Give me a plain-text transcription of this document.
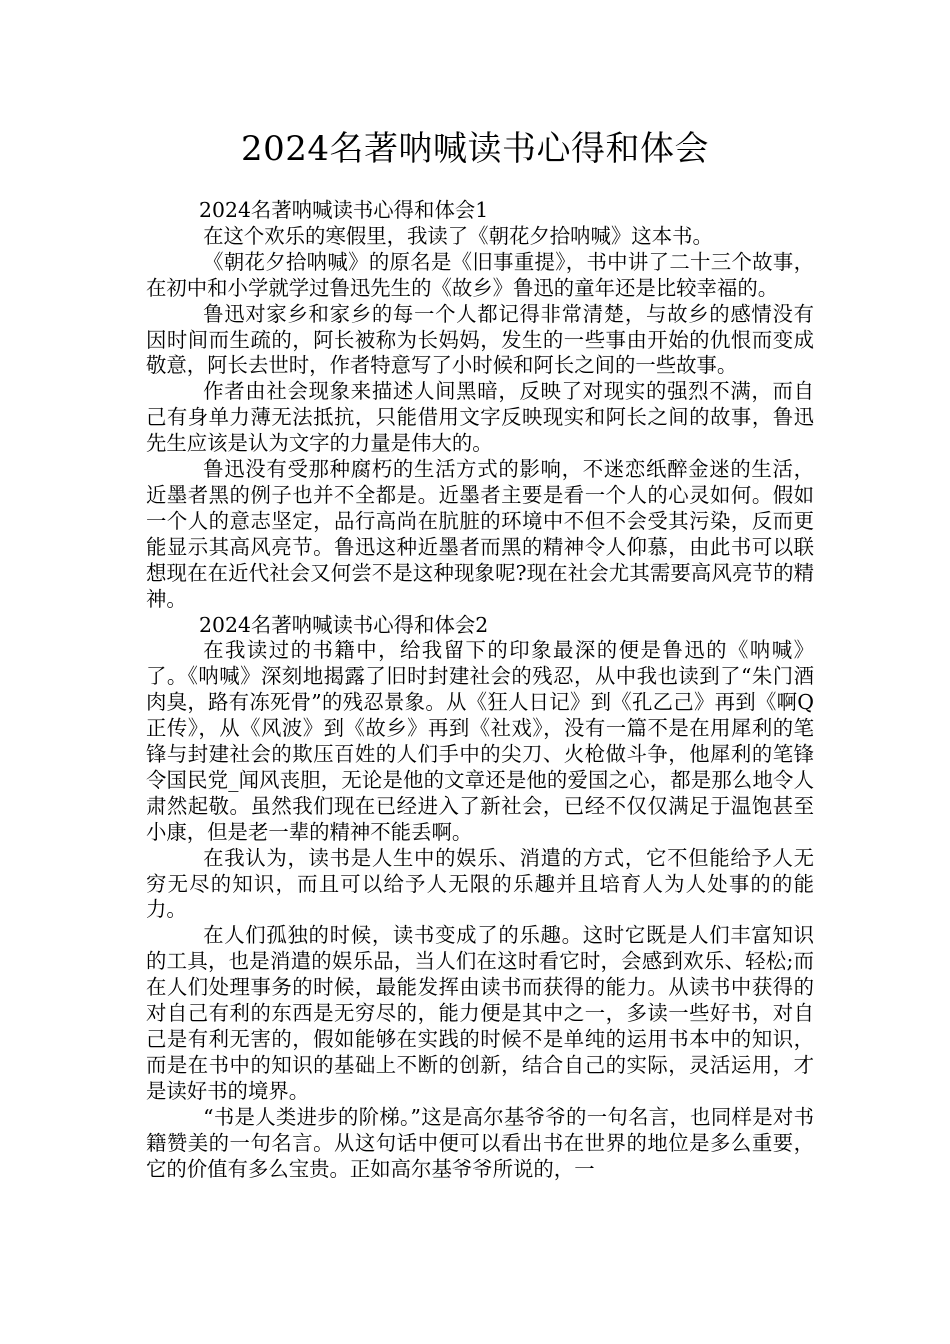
2024名著呐喊读书心得和体会

2024名著呐喊读书心得和体会1

在这个欢乐的寒假里，我读了《朝花夕拾呐喊》这本书。

《朝花夕拾呐喊》的原名是《旧事重提》，书中讲了二十三个故事，在初中和小学就学过鲁迅先生的《故乡》鲁迅的童年还是比较幸福的。

鲁迅对家乡和家乡的每一个人都记得非常清楚，与故乡的感情没有因时间而生疏的，阿长被称为长妈妈，发生的一些事由开始的仇恨而变成敬意，阿长去世时，作者特意写了小时候和阿长之间的一些故事。

作者由社会现象来描述人间黑暗，反映了对现实的强烈不满，而自己有身单力薄无法抵抗，只能借用文字反映现实和阿长之间的故事，鲁迅先生应该是认为文字的力量是伟大的。

鲁迅没有受那种腐朽的生活方式的影响，不迷恋纸醉金迷的生活，近墨者黑的例子也并不全都是。近墨者主要是看一个人的心灵如何。假如一个人的意志坚定，品行高尚在肮脏的环境中不但不会受其污染，反而更能显示其高风亮节。鲁迅这种近墨者而黑的精神令人仰慕，由此书可以联想现在在近代社会又何尝不是这种现象呢?现在社会尤其需要高风亮节的精神。

2024名著呐喊读书心得和体会2

在我读过的书籍中，给我留下的印象最深的便是鲁迅的《呐喊》了。《呐喊》深刻地揭露了旧时封建社会的残忍，从中我也读到了“朱门酒肉臭，路有冻死骨”的残忍景象。从《狂人日记》到《孔乙己》再到《啊Q正传》，从《风波》到《故乡》再到《社戏》，没有一篇不是在用犀利的笔锋与封建社会的欺压百姓的人们手中的尖刀、火枪做斗争，他犀利的笔锋令国民党_闻风丧胆，无论是他的文章还是他的爱国之心，都是那么地令人肃然起敬。虽然我们现在已经进入了新社会，已经不仅仅满足于温饱甚至小康，但是老一辈的精神不能丢啊。

在我认为，读书是人生中的娱乐、消遣的方式，它不但能给予人无穷无尽的知识，而且可以给予人无限的乐趣并且培育人为人处事的的能力。

在人们孤独的时候，读书变成了的乐趣。这时它既是人们丰富知识的工具，也是消遣的娱乐品，当人们在这时看它时，会感到欢乐、轻松;而在人们处理事务的时候，最能发挥由读书而获得的能力。从读书中获得的对自己有利的东西是无穷尽的，能力便是其中之一，多读一些好书，对自己是有利无害的，假如能够在实践的时候不是单纯的运用书本中的知识，而是在书中的知识的基础上不断的创新，结合自己的实际，灵活运用，才是读好书的境界。

“书是人类进步的阶梯。”这是高尔基爷爷的一句名言，也同样是对书籍赞美的一句名言。从这句话中便可以看出书在世界的地位是多么重要，它的价值有多么宝贵。正如高尔基爷爷所说的，一
